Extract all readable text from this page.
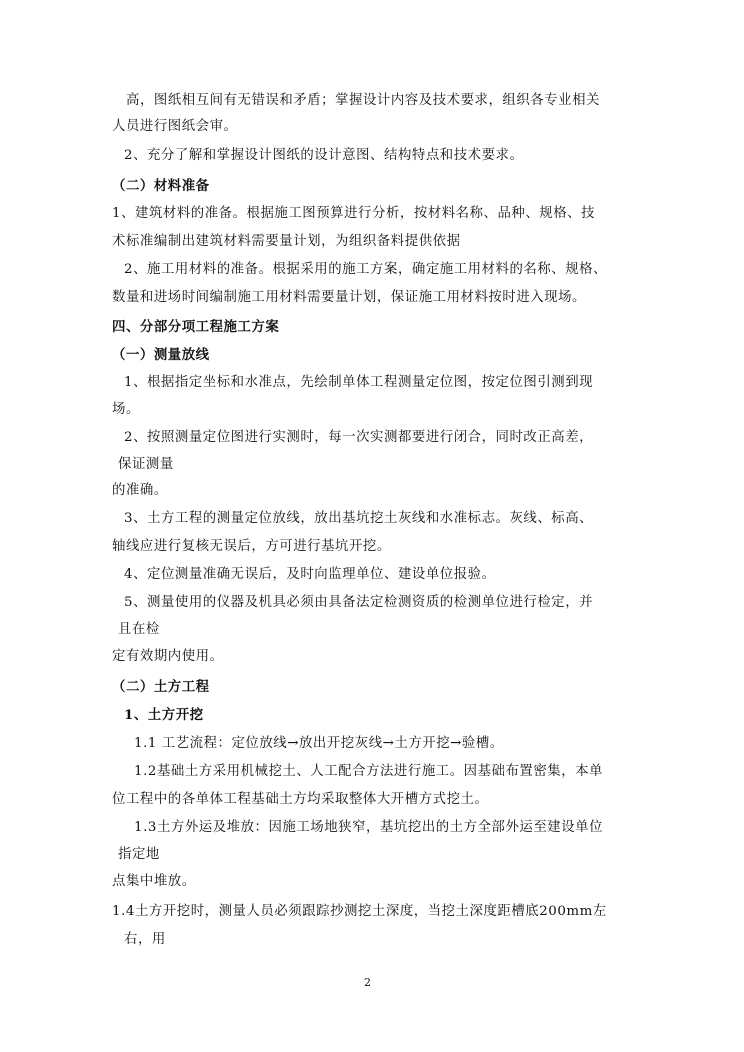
高，图纸相互间有无错误和矛盾；掌握设计内容及技术要求，组织各专业相关
人员进行图纸会审。
2、充分了解和掌握设计图纸的设计意图、结构特点和技术要求。
（二）材料准备
1、建筑材料的准备。根据施工图预算进行分析，按材料名称、品种、规格、技
术标准编制出建筑材料需要量计划，为组织备料提供依据
2、施工用材料的准备。根据采用的施工方案，确定施工用材料的名称、规格、
数量和进场时间编制施工用材料需要量计划，保证施工用材料按时进入现场。
四、分部分项工程施工方案
（一）测量放线
1、根据指定坐标和水准点，先绘制单体工程测量定位图，按定位图引测到现
场。
2、按照测量定位图进行实测时，每一次实测都要进行闭合，同时改正高差，
保证测量
的准确。
3、土方工程的测量定位放线，放出基坑挖土灰线和水准标志。灰线、标高、
轴线应进行复核无误后，方可进行基坑开挖。
4、定位测量准确无误后，及时向监理单位、建设单位报验。
5、测量使用的仪器及机具必须由具备法定检测资质的检测单位进行检定，并
且在检
定有效期内使用。
（二）土方工程
1、土方开挖
1.1 工艺流程：定位放线→放出开挖灰线→土方开挖→验槽。
1.2基础土方采用机械挖土、人工配合方法进行施工。因基础布置密集，本单
位工程中的各单体工程基础土方均采取整体大开槽方式挖土。
1.3土方外运及堆放：因施工场地狭窄，基坑挖出的土方全部外运至建设单位
指定地
点集中堆放。
1.4土方开挖时，测量人员必须跟踪抄测挖土深度，当挖土深度距槽底200mm左
右，用
2
